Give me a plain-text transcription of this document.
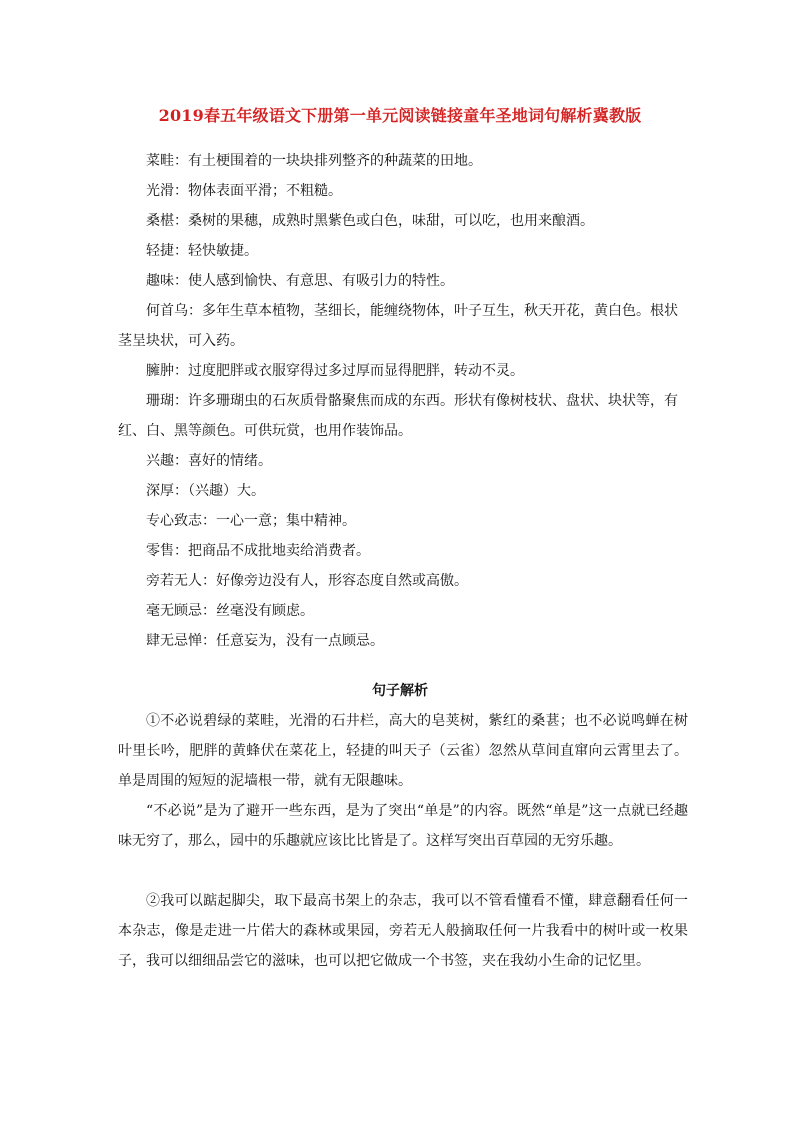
2019春五年级语文下册第一单元阅读链接童年圣地词句解析冀教版

菜畦：有土梗围着的一块块排列整齐的种蔬菜的田地。

光滑：物体表面平滑；不粗糙。

桑椹：桑树的果穗，成熟时黑紫色或白色，味甜，可以吃，也用来酿酒。

轻捷：轻快敏捷。

趣味：使人感到愉快、有意思、有吸引力的特性。

何首乌：多年生草本植物，茎细长，能缠绕物体，叶子互生，秋天开花，黄白色。根状茎呈块状，可入药。

臃肿：过度肥胖或衣服穿得过多过厚而显得肥胖，转动不灵。

珊瑚：许多珊瑚虫的石灰质骨骼聚焦而成的东西。形状有像树枝状、盘状、块状等，有红、白、黑等颜色。可供玩赏，也用作装饰品。

兴趣：喜好的情绪。

深厚：（兴趣）大。

专心致志：一心一意；集中精神。

零售：把商品不成批地卖给消费者。

旁若无人：好像旁边没有人，形容态度自然或高傲。

毫无顾忌：丝毫没有顾虑。

肆无忌惮：任意妄为，没有一点顾忌。

句子解析

①不必说碧绿的菜畦，光滑的石井栏，高大的皂荚树，紫红的桑葚；也不必说鸣蝉在树叶里长吟，肥胖的黄蜂伏在菜花上，轻捷的叫天子（云雀）忽然从草间直窜向云霄里去了。单是周围的短短的泥墙根一带，就有无限趣味。

“不必说”是为了避开一些东西，是为了突出“单是”的内容。既然“单是”这一点就已经趣味无穷了，那么，园中的乐趣就应该比比皆是了。这样写突出百草园的无穷乐趣。

②我可以踮起脚尖，取下最高书架上的杂志，我可以不管看懂看不懂，肆意翻看任何一本杂志，像是走进一片偌大的森林或果园，旁若无人般摘取任何一片我看中的树叶或一枚果子，我可以细细品尝它的滋味，也可以把它做成一个书签，夹在我幼小生命的记忆里。
